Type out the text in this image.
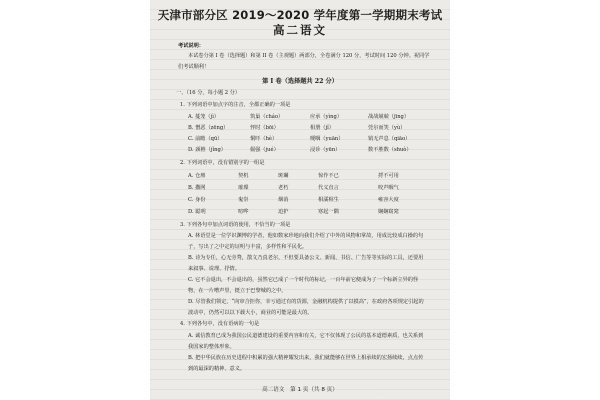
天津市部分区 2019～2020 学年度第一学期期末考试
高二语文
考试说明：
本试卷分第 I 卷（选择题）和第 II 卷（主观题）两部分，全卷满分 120 分，考试时间 120 分钟。祝同学们考试顺利！
第 I 卷（选择题共 22 分）
一、（16 分，每小题 2 分）
1. 下列词语中加点字的注音，全都正确的一项是
A. 蔓笼（jì）	筑巢（cháo）	应承（yìng）	战战兢兢（jīng）
B. 憎恶（zēng）	怦时（bōi）	相册（jǐ）	莞尔而笑（yù）
C. 前瞻（qū）	恫吓（hè）	哽咽（yuān）	销无声息（qiāo）
D. 颈椎（jǐng）	倔强（jué）	浸诊（yūn）	数不胜数（shuò）
2. 下列词语中，没有错别字的一组是
A. 仓廪	契机	斑斓	惊作不已	捋不可用
B. 撒网	璀璨	老朽	代义直言	咬声咽气
C. 身份	鬼崇	烟消	相濡相生	雍容大度
D. 聪明	喧哗	迫护	寒起一隅	娴娴窈窕
3. 下列各句中加点词语的使用，不恰当的一项是
A. 林语堂是一位学识渊博的学者，他如数家珍地向我们介绍了中外的风物和掌故，用成比较成白操的句子，写出了之中定的证明与丰富，多样性和平民化。
B. 诗为专任，心无旁骛，散文乃真老尔，不但要具备公文、新闻、书信、广告等等实际的工具，还要用来叙事、说理、抒情。
C. 它不会退出，不会退出的，虽然它已成了一个时代的标记，一百年前它便成为了一个标新立异的怪物，在一片嘈声里，挺立于巴黎城的之中。
D. 尽管我们领定，“向审合拒你，幸亏通过有的货源，金融机构提供了以摸高”，在政府各项规定引起的波动中，仍然可以以下载大小，商业的可能是最大的。
4. 下列各句中，没有语病的一句是
A. 诚信教育已成为我国公民道德建设的重要内容和有关，它不仅体现了公民的基本道德素质，也关系到我国家的整体形象。
B. 把中华民族在历史进程中积累的强大精神耀发出来，我们就能够在世界上相承续的宏扬续续，点点传到的最深的精神、意义。
高二语文　第 1 页（共 8 页）
